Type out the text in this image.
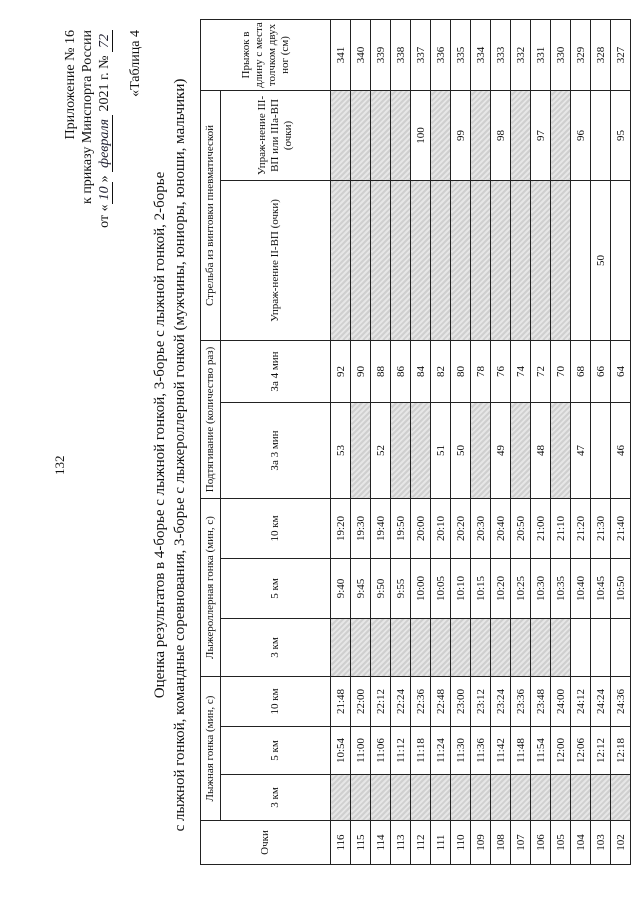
132
Приложение № 16 к приказу Минспорта России
от «10» февраля 2021 г. № 72 «Таблица 4
Оценка результатов в 4-борье с лыжной гонкой, 3-борье с лыжной гонкой, 2-борье с лыжной гонкой, командные соревнования, 3-борье с лыжероллерной гонкой (мужчины, юниоры, юноши, мальчики)
Очки	Лыжная гонка (мин, с)			Лыжероллерная гонка (мин, с)			Подтягивание (количество раз)		Стрельба из винтовки пневматической		Прыжок в длину с места толчком двух ног (см)
	3 км	5 км	10 км	3 км	5 км	10 км	За 3 мин	За 4 мин	Упраж-нение II-ВП (очки)	Упраж-нение III-ВП или IIIа-ВП (очки)	
116		10:54	21:48		9:40	19:20	53	92			341
115		11:00	22:00		9:45	19:30		90			340
114		11:06	22:12		9:50	19:40	52	88			339
113		11:12	22:24		9:55	19:50		86			338
112		11:18	22:36		10:00	20:00		84		100	337
111		11:24	22:48		10:05	20:10	51	82			336
110		11:30	23:00		10:10	20:20	50	80		99	335
109		11:36	23:12		10:15	20:30		78			334
108		11:42	23:24		10:20	20:40	49	76		98	333
107		11:48	23:36		10:25	20:50		74			332
106		11:54	23:48		10:30	21:00	48	72		97	331
105		12:00	24:00		10:35	21:10		70			330
104		12:06	24:12		10:40	21:20	47	68		96	329
103		12:12	24:24		10:45	21:30		66	50		328
102		12:18	24:36		10:50	21:40	46	64		95	327
